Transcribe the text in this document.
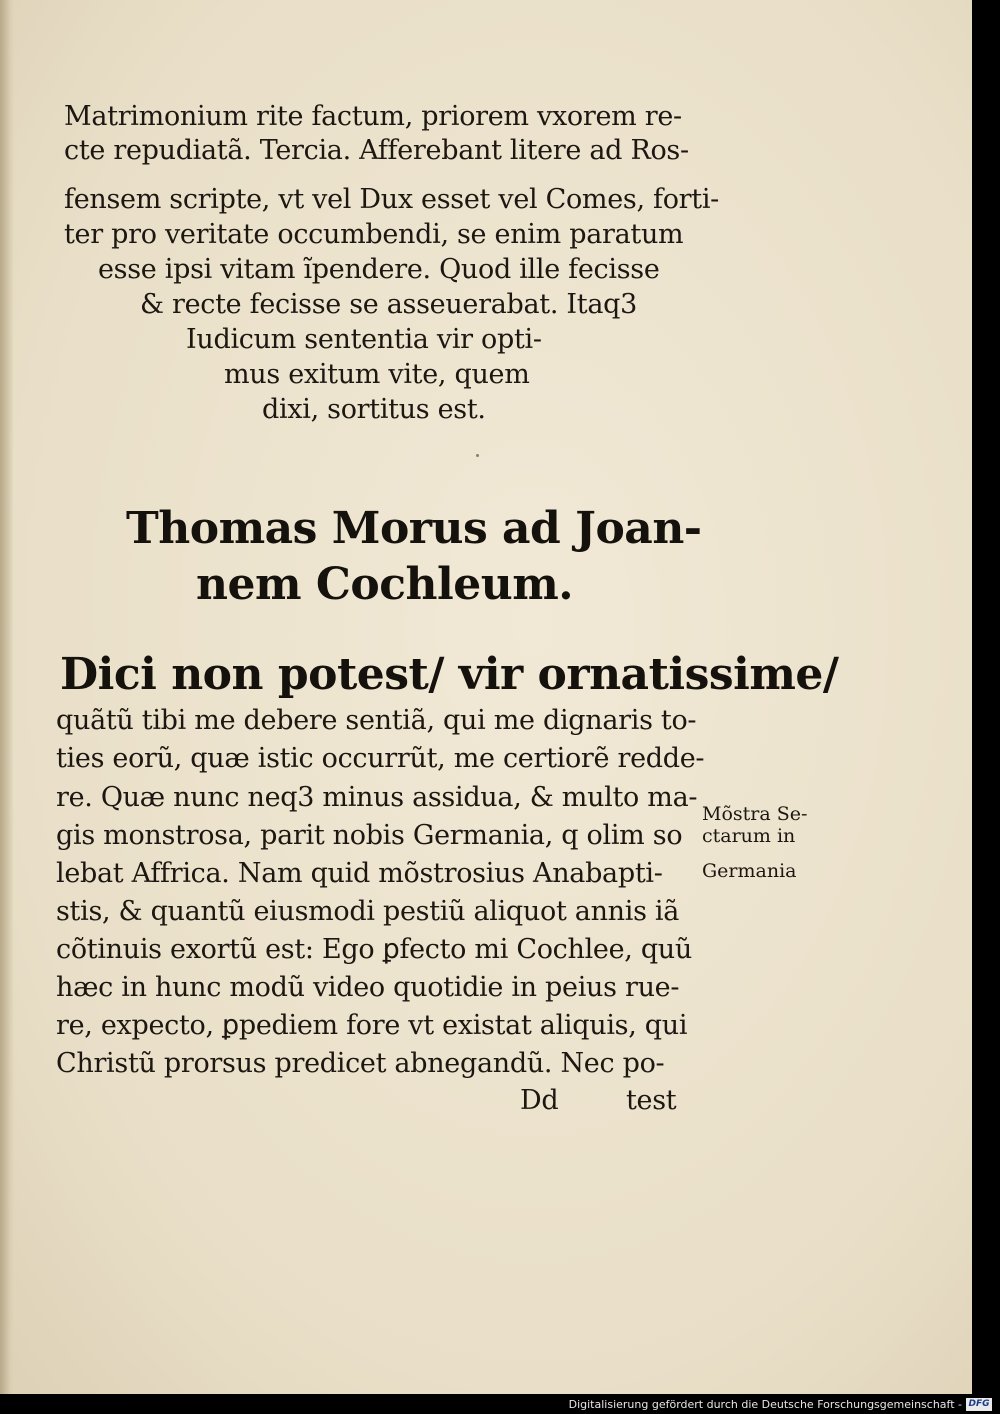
Matrimonium rite factum, priorem vxorem re-
cte repudiatã. Tercia. Afferebant litere ad Ros-
fensem scripte, vt vel Dux esset vel Comes, forti-
ter pro veritate occumbendi, se enim paratum
esse ipsi vitam ĩpendere. Quod ille fecisse
& recte fecisse se asseuerabat. Itaq3
Iudicum sententia vir opti-
mus exitum vite, quem
dixi, sortitus est.
Thomas Morus ad Joan-
nem Cochleum.
Dici non potest/ vir ornatissime/
quãtũ tibi me debere sentiã, qui me dignaris to-
ties eorũ, quæ istic occurrũt, me certiorẽ redde-
re. Quæ nunc neq3 minus assidua, & multo ma-
gis monstrosa, parit nobis Germania, q olim so
lebat Affrica. Nam quid mõstrosius Anabapti-
stis, & quantũ eiusmodi pestiũ aliquot annis iã
cõtinuis exortũ est: Ego ꝑfecto mi Cochlee, quũ
hæc in hunc modũ video quotidie in peius rue-
re, expecto, ꝑpediem fore vt existat aliquis, qui
Christũ prorsus predicet abnegandũ. Nec po-
Dd	test
Mõstra Se-
ctarum in
Germania
Digitalisierung gefördert durch die Deutsche Forschungsgemeinschaft - DFG
